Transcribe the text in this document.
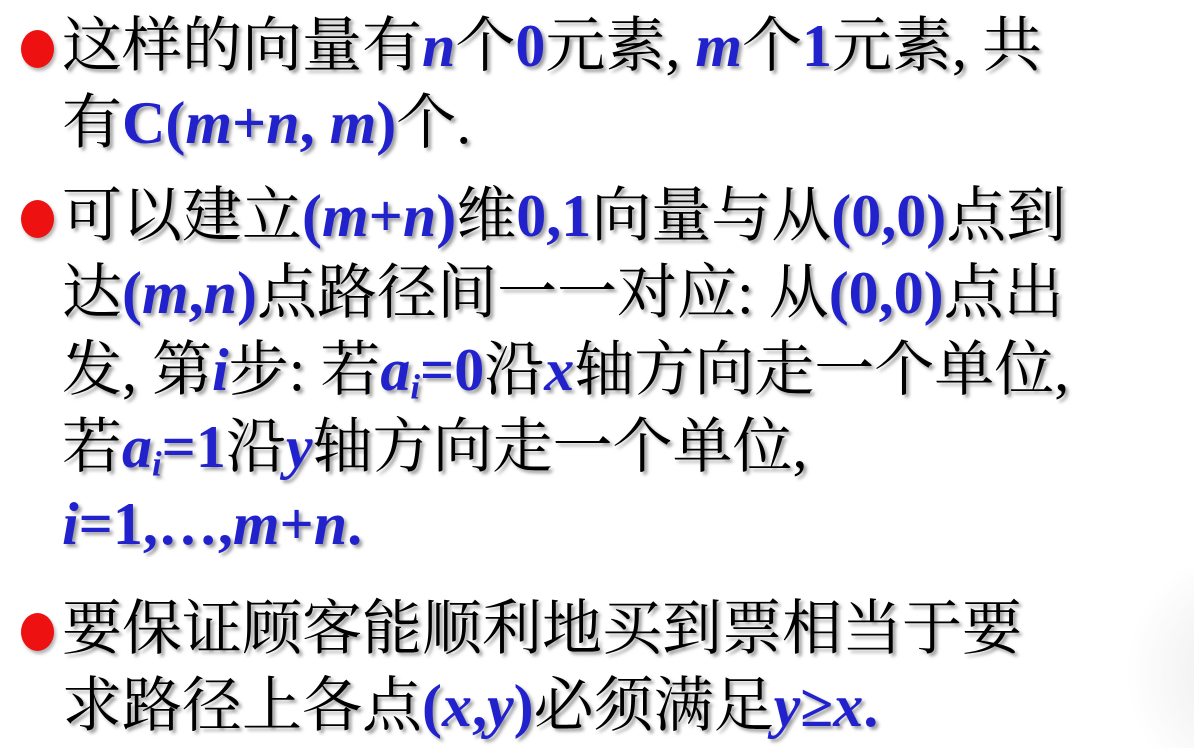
这样的向量有n个0元素, m个1元素, 共
有C(m+n, m)个.
可以建立(m+n)维0,1向量与从(0,0)点到
达(m,n)点路径间一一对应: 从(0,0)点出
发, 第i步: 若ai=0沿x轴方向走一个单位,
若ai=1沿y轴方向走一个单位,
i=1,…,m+n.
要保证顾客能顺利地买到票相当于要
求路径上各点(x,y)必须满足y≥x.
